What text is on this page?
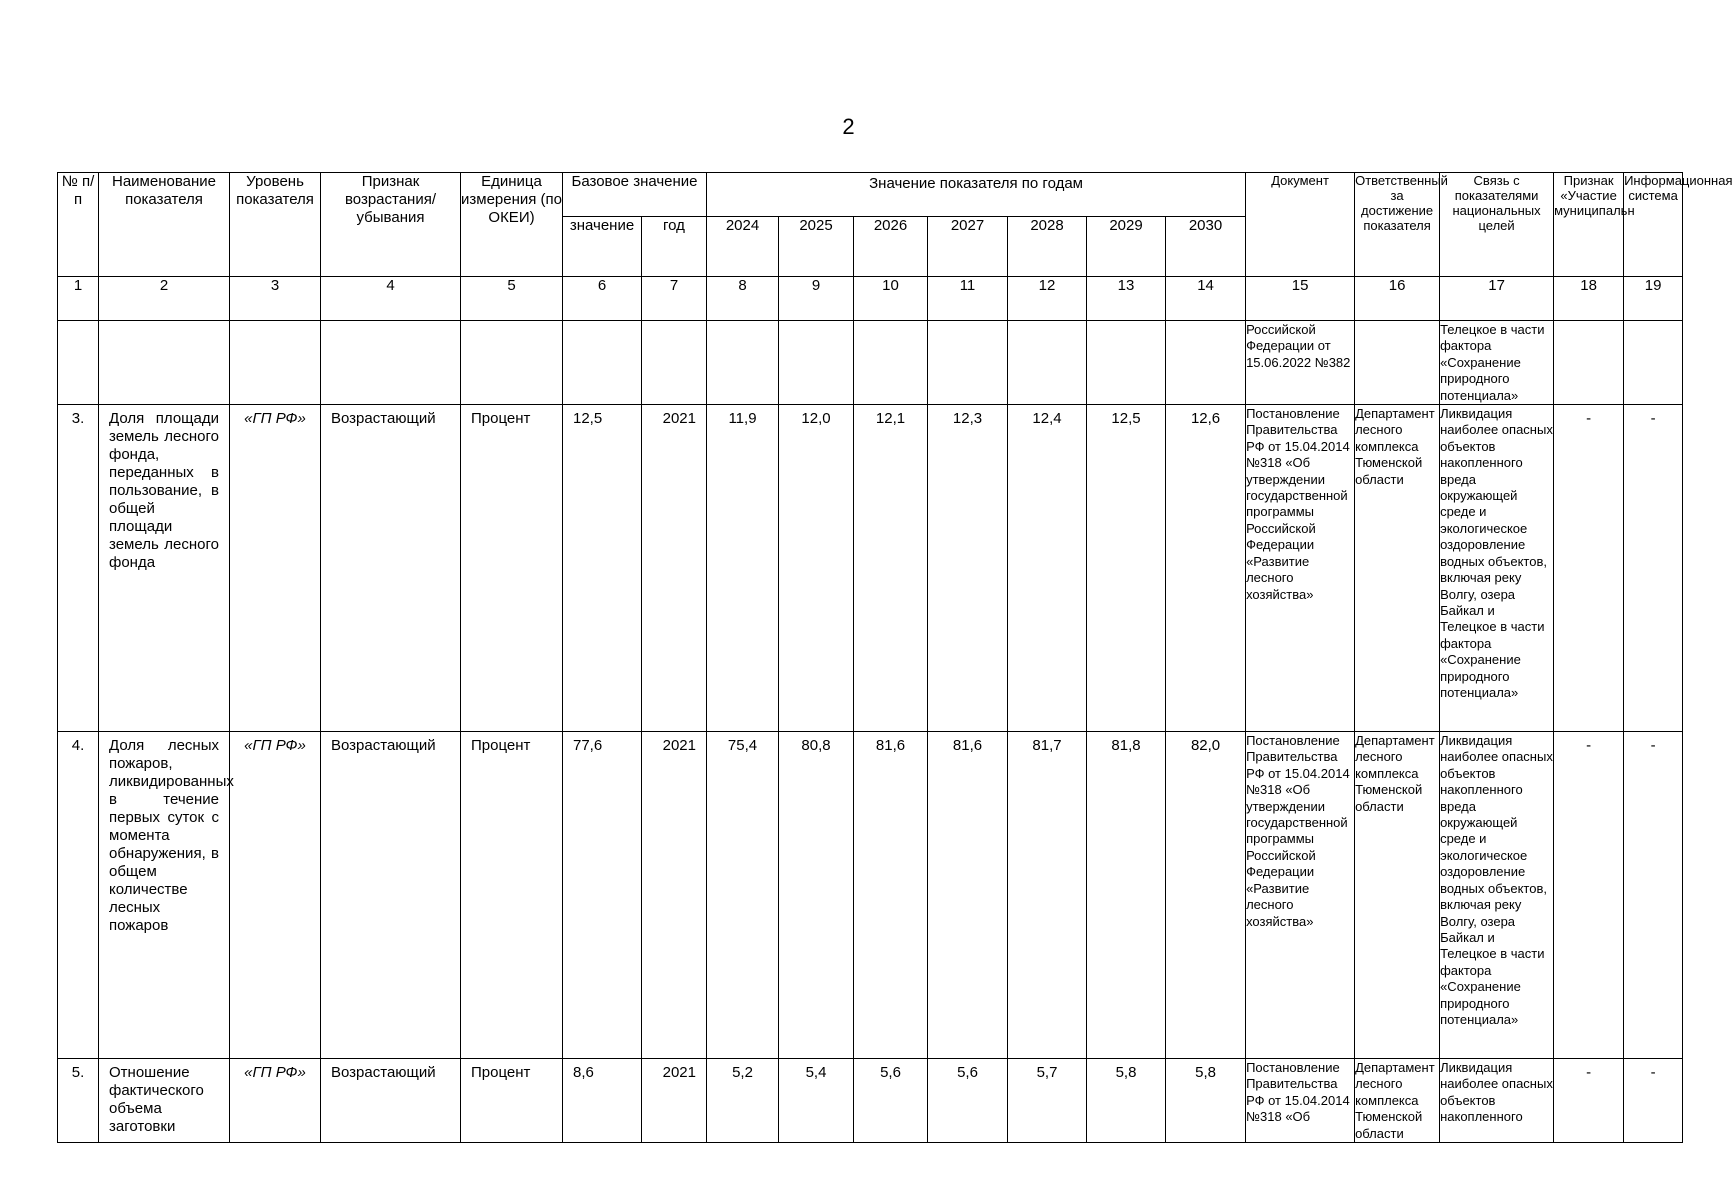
2
№ п/п	Наименование показателя	Уровень показателя	Признак возрастания/ убывания	Единица измерения (по ОКЕИ)	Базовое значение		Значение показателя по годам							Документ	Ответственный за достижение показателя	Связь с показателями национальных целей	Признак «Участие муниципальн	Информационная система
					значение	год	2024	2025	2026	2027	2028	2029	2030					
1	2	3	4	5	6	7	8	9	10	11	12	13	14	15	16	17	18	19
														Российской Федерации от 15.06.2022 №382		Телецкое в части фактора «Сохранение природного потенциала»		
3.	Доля площади земель лесного фонда, переданных в пользование, в общей площади земель лесного фонда	«ГП РФ»	Возрастающий	Процент	12,5	2021	11,9	12,0	12,1	12,3	12,4	12,5	12,6	Постановление Правительства РФ от 15.04.2014 №318 «Об утверждении государственной программы Российской Федерации «Развитие лесного хозяйства»	Департамент лесного комплекса Тюменской области	Ликвидация наиболее опасных объектов накопленного вреда окружающей среде и экологическое оздоровление водных объектов, включая реку Волгу, озера Байкал и Телецкое в части фактора «Сохранение природного потенциала»	-	-
4.	Доля лесных пожаров, ликвидированных в течение первых суток с момента обнаружения, в общем количестве лесных пожаров	«ГП РФ»	Возрастающий	Процент	77,6	2021	75,4	80,8	81,6	81,6	81,7	81,8	82,0	Постановление Правительства РФ от 15.04.2014 №318 «Об утверждении государственной программы Российской Федерации «Развитие лесного хозяйства»	Департамент лесного комплекса Тюменской области	Ликвидация наиболее опасных объектов накопленного вреда окружающей среде и экологическое оздоровление водных объектов, включая реку Волгу, озера Байкал и Телецкое в части фактора «Сохранение природного потенциала»	-	-
5.	Отношение фактического объема заготовки	«ГП РФ»	Возрастающий	Процент	8,6	2021	5,2	5,4	5,6	5,6	5,7	5,8	5,8	Постановление Правительства РФ от 15.04.2014 №318 «Об	Департамент лесного комплекса Тюменской области	Ликвидация наиболее опасных объектов накопленного	-	-
